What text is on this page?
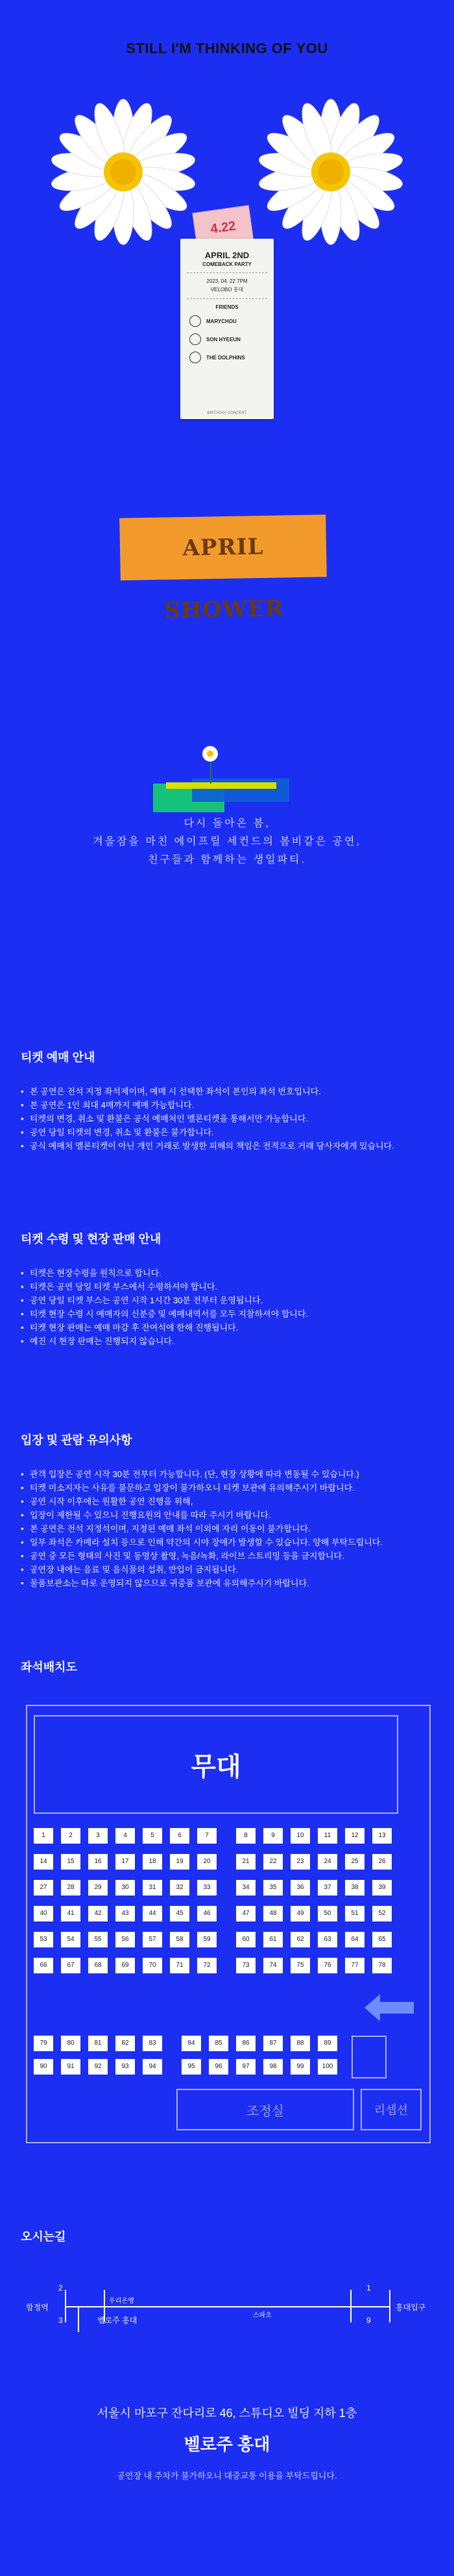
STILL I'M THINKING OF YOU
4.22
APRIL 2ND
COMEBACK PARTY
2023. 04. 22 7PM
VELOBO 홍대
FRIENDS
MARYCHOU
SON HYEEUN
THE DOLPHINS
BIRTHDAY CONCERT
APRIL SHOWER
다시 돌아온 봄,
겨울잠을 마친 에이프릴 세컨드의 봄비같은 공연,
친구들과 함께하는 생일파티.
티켓 예매 안내
• 본 공연은 전석 지정 좌석제이며, 예매 시 선택한 좌석이 본인의 좌석 번호입니다.
• 본 공연은 1인 최대 4매까지 예매 가능합니다.
• 티켓의 변경, 취소 및 환불은 공식 예매처인 멜론티켓을 통해서만 가능합니다.
• 공연 당일 티켓의 변경, 취소 및 환불은 불가합니다.
• 공식 예매처 멜론티켓이 아닌 개인 거래로 발생한 피해의 책임은 전적으로 거래 당사자에게 있습니다.
티켓 수령 및 현장 판매 안내
• 티켓은 현장수령을 원칙으로 합니다.
• 티켓은 공연 당일 티켓 부스에서 수령하셔야 합니다.
• 공연 당일 티켓 부스는 공연 시작 1시간 30분 전부터 운영됩니다.
• 티켓 현장 수령 시 예매자의 신분증 및 예매내역서를 모두 지참하셔야 합니다.
• 티켓 현장 판매는 예매 마감 후 잔여석에 한해 진행됩니다.
• 예진 시 현장 판매는 진행되지 않습니다.
입장 및 관람 유의사항
• 관객 입장은 공연 시작 30분 전부터 가능합니다. (단, 현장 상황에 따라 변동될 수 있습니다.)
• 티켓 미소지자는 사유를 불문하고 입장이 불가하오니 티켓 보관에 유의해주시기 바랍니다.
• 공연 시작 이후에는 원활한 공연 진행을 위해,
• 입장이 제한될 수 있으니 진행요원의 안내를 따라 주시기 바랍니다.
• 본 공연은 전석 지정석이며, 지정된 예매 좌석 이외에 자리 이동이 불가합니다.
• 일부 좌석은 카메라 설치 등으로 인해 약간의 시야 장애가 발생할 수 있습니다. 양해 부탁드립니다.
• 공연 중 모든 형태의 사진 및 동영상 촬영, 녹음/녹화, 라이브 스트리밍 등을 금지합니다.
• 공연장 내에는 음료 및 음식물의 섭취, 반입이 금지됩니다.
• 물품보관소는 따로 운영되지 않으므로 귀중품 보관에 유의해주시기 바랍니다.
좌석배치도
무대
1	2	3	4	5	6	7	8	9	10	11	12	13
14	15	16	17	18	19	20	21	22	23	24	25	26
27	28	29	30	31	32	33	34	35	36	37	38	39
40	41	42	43	44	45	46	47	48	49	50	51	52
53	54	55	56	57	58	59	60	61	62	63	64	65
66	67	68	69	70	71	72	73	74	75	76	77	78
79	80	81	82	83	84	85	86	87	88	89
90	91	92	93	94	95	96	97	98	99	100
조정실	리셉션
오시는길
합정역
2
3
우리은행
벨로주 홍대
스파오
1
9
홍대입구
서울시 마포구 잔다리로 46, 스튜디오 빌딩 지하 1층
벨로주 홍대
공연장 내 주차가 불가하오니 대중교통 이용을 부탁드립니다.
